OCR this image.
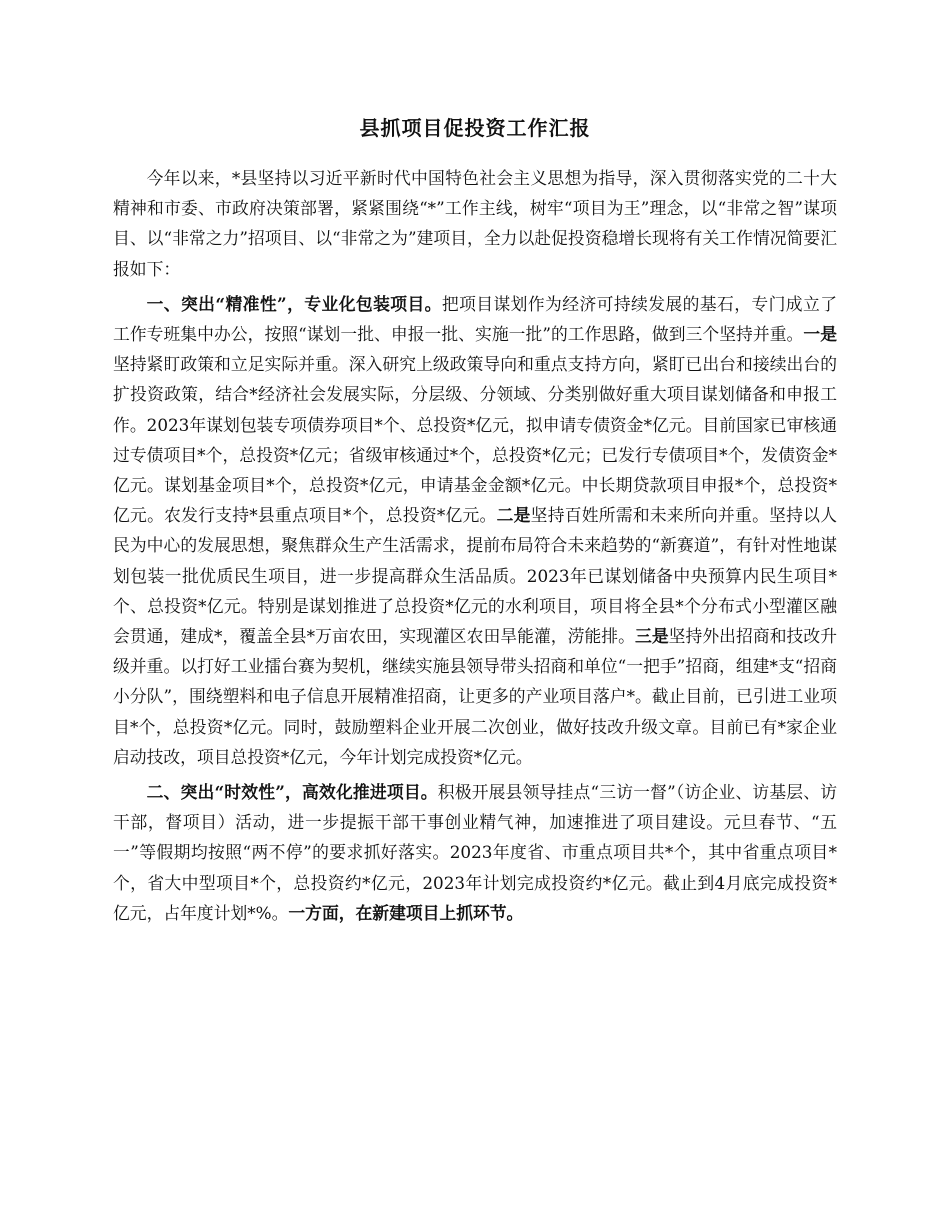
县抓项目促投资工作汇报

今年以来，*县坚持以习近平新时代中国特色社会主义思想为指导，深入贯彻落实党的二十大精神和市委、市政府决策部署，紧紧围绕“*”工作主线，树牢“项目为王”理念，以“非常之智”谋项目、以“非常之力”招项目、以“非常之为”建项目，全力以赴促投资稳增长现将有关工作情况简要汇报如下：

一、突出“精准性”，专业化包装项目。把项目谋划作为经济可持续发展的基石，专门成立了工作专班集中办公，按照“谋划一批、申报一批、实施一批”的工作思路，做到三个坚持并重。一是坚持紧盯政策和立足实际并重。深入研究上级政策导向和重点支持方向，紧盯已出台和接续出台的扩投资政策，结合*经济社会发展实际，分层级、分领域、分类别做好重大项目谋划储备和申报工作。2023年谋划包装专项债券项目*个、总投资*亿元，拟申请专债资金*亿元。目前国家已审核通过专债项目*个，总投资*亿元；省级审核通过*个，总投资*亿元；已发行专债项目*个，发债资金*亿元。谋划基金项目*个，总投资*亿元，申请基金金额*亿元。中长期贷款项目申报*个，总投资*亿元。农发行支持*县重点项目*个，总投资*亿元。二是坚持百姓所需和未来所向并重。坚持以人民为中心的发展思想，聚焦群众生产生活需求，提前布局符合未来趋势的“新赛道”，有针对性地谋划包装一批优质民生项目，进一步提高群众生活品质。2023年已谋划储备中央预算内民生项目*个、总投资*亿元。特别是谋划推进了总投资*亿元的水利项目，项目将全县*个分布式小型灌区融会贯通，建成*，覆盖全县*万亩农田，实现灌区农田旱能灌，涝能排。三是坚持外出招商和技改升级并重。以打好工业擂台赛为契机，继续实施县领导带头招商和单位“一把手”招商，组建*支“招商小分队”，围绕塑料和电子信息开展精准招商，让更多的产业项目落户*。截止目前，已引进工业项目*个，总投资*亿元。同时，鼓励塑料企业开展二次创业，做好技改升级文章。目前已有*家企业启动技改，项目总投资*亿元，今年计划完成投资*亿元。

二、突出“时效性”，高效化推进项目。积极开展县领导挂点“三访一督”（访企业、访基层、访干部，督项目）活动，进一步提振干部干事创业精气神，加速推进了项目建设。元旦春节、“五一”等假期均按照“两不停”的要求抓好落实。2023年度省、市重点项目共*个，其中省重点项目*个，省大中型项目*个，总投资约*亿元，2023年计划完成投资约*亿元。截止到4月底完成投资*亿元，占年度计划*%。一方面，在新建项目上抓环节。
